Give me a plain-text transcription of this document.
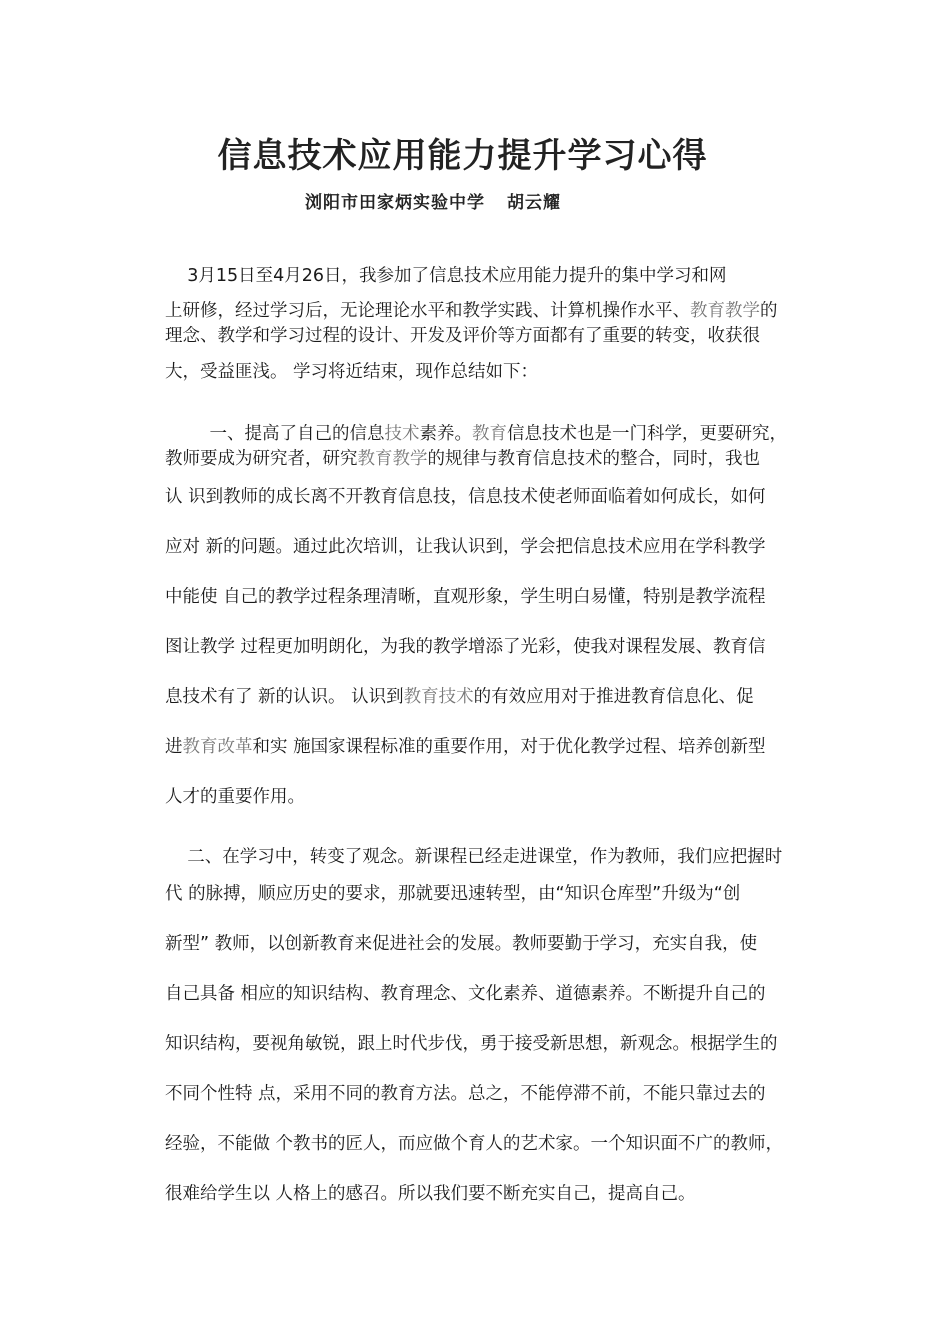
信息技术应用能力提升学习心得
浏阳市田家炳实验中学 胡云耀
3月15日至4月26日，我参加了信息技术应用能力提升的集中学习和网
上研修，经过学习后，无论理论水平和教学实践、计算机操作水平、教育教学的
理念、教学和学习过程的设计、开发及评价等方面都有了重要的转变，收获很
大，受益匪浅。 学习将近结束，现作总结如下：
一、提高了自己的信息技术素养。教育信息技术也是一门科学，更要研究，
教师要成为研究者，研究教育教学的规律与教育信息技术的整合，同时，我也
认 识到教师的成长离不开教育信息技，信息技术使老师面临着如何成长，如何
应对 新的问题。通过此次培训，让我认识到，学会把信息技术应用在学科教学
中能使 自己的教学过程条理清晰，直观形象，学生明白易懂，特别是教学流程
图让教学 过程更加明朗化，为我的教学增添了光彩，使我对课程发展、教育信
息技术有了 新的认识。 认识到教育技术的有效应用对于推进教育信息化、促
进教育改革和实 施国家课程标准的重要作用，对于优化教学过程、培养创新型
人才的重要作用。
二、在学习中，转变了观念。新课程已经走进课堂，作为教师，我们应把握时
代 的脉搏，顺应历史的要求，那就要迅速转型，由“知识仓库型”升级为“创
新型” 教师，以创新教育来促进社会的发展。教师要勤于学习，充实自我，使
自己具备 相应的知识结构、教育理念、文化素养、道德素养。不断提升自己的
知识结构，要视角敏锐，跟上时代步伐，勇于接受新思想，新观念。根据学生的
不同个性特 点，采用不同的教育方法。总之，不能停滞不前，不能只靠过去的
经验，不能做 个教书的匠人，而应做个育人的艺术家。一个知识面不广的教师，
很难给学生以 人格上的感召。所以我们要不断充实自己，提高自己。
